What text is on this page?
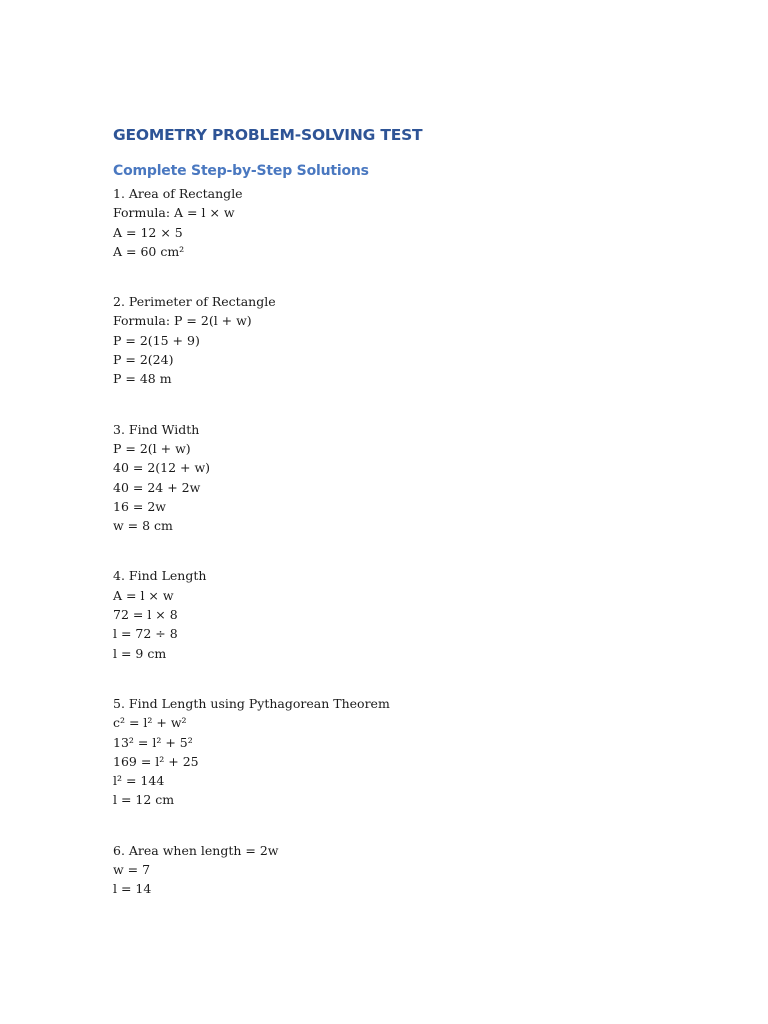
GEOMETRY PROBLEM-SOLVING TEST
Complete Step-by-Step Solutions
1. Area of Rectangle
Formula: A = l × w
A = 12 × 5
A = 60 cm²
2. Perimeter of Rectangle
Formula: P = 2(l + w)
P = 2(15 + 9)
P = 2(24)
P = 48 m
3. Find Width
P = 2(l + w)
40 = 2(12 + w)
40 = 24 + 2w
16 = 2w
w = 8 cm
4. Find Length
A = l × w
72 = l × 8
l = 72 ÷ 8
l = 9 cm
5. Find Length using Pythagorean Theorem
c² = l² + w²
13² = l² + 5²
169 = l² + 25
l² = 144
l = 12 cm
6. Area when length = 2w
w = 7
l = 14
